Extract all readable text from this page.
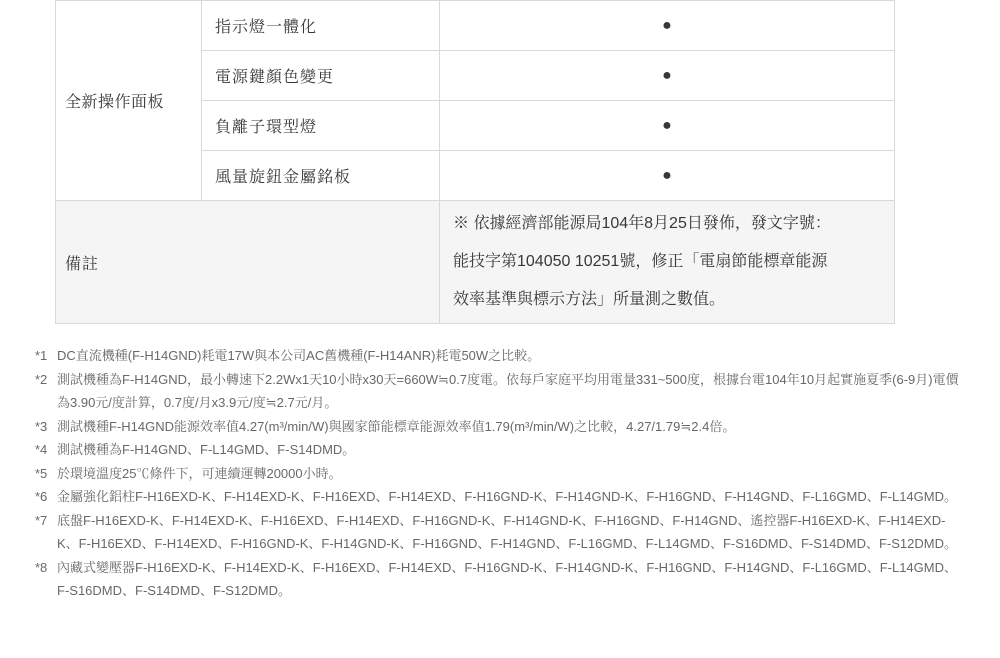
全新操作面板	指示燈一體化	●
	電源鍵顏色變更	●
	負離子環型燈	●
	風量旋鈕金屬銘板	●
備註		※ 依據經濟部能源局104年8月25日發佈，發文字號：
能技字第104050 10251號，修正「電扇節能標章能源
效率基準與標示方法」所量測之數值。
*1 DC直流機種(F-H14GND)耗電17W與本公司AC舊機種(F-H14ANR)耗電50W之比較。
*2 測試機種為F-H14GND，最小轉速下2.2Wx1天10小時x30天=660W≒0.7度電。依每戶家庭平均用電量331~500度，根據台電104年10月起實施夏季(6-9月)電價為3.90元/度計算，0.7度/月x3.9元/度≒2.7元/月。
*3 測試機種F-H14GND能源效率值4.27(m³/min/W)與國家節能標章能源效率值1.79(m³/min/W)之比較，4.27/1.79≒2.4倍。
*4 測試機種為F-H14GND、F-L14GMD、F-S14DMD。
*5 於環境溫度25℃條件下，可連續運轉20000小時。
*6 金屬強化鋁柱F-H16EXD-K、F-H14EXD-K、F-H16EXD、F-H14EXD、F-H16GND-K、F-H14GND-K、F-H16GND、F-H14GND、F-L16GMD、F-L14GMD。
*7 底盤F-H16EXD-K、F-H14EXD-K、F-H16EXD、F-H14EXD、F-H16GND-K、F-H14GND-K、F-H16GND、F-H14GND、遙控器F-H16EXD-K、F-H14EXD-K、F-H16EXD、F-H14EXD、F-H16GND-K、F-H14GND-K、F-H16GND、F-H14GND、F-L16GMD、F-L14GMD、F-S16DMD、F-S14DMD、F-S12DMD。
*8 內藏式變壓器F-H16EXD-K、F-H14EXD-K、F-H16EXD、F-H14EXD、F-H16GND-K、F-H14GND-K、F-H16GND、F-H14GND、F-L16GMD、F-L14GMD、F-S16DMD、F-S14DMD、F-S12DMD。
